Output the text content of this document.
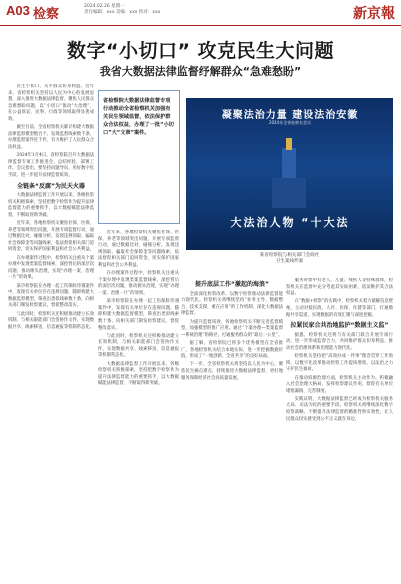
A03 检察
2024.02.26 星期一
责任编辑：xxx 美编：xxx 校对：xxx	新京報
数字“小切口” 攻克民生大问题
我省大数据法律监督纾解群众“急难愁盼”

民生小切口，关乎群众切身利益。近年来，省检察机关坚持以人民为中心的发展思想，深入推进大数据法律监督，聚焦人民群众急难愁盼问题，以“小切口”推动“大治理”，在公益诉讼、民事、行政等领域取得显著成效。

截至目前，全省检察机关累计构建大数据法律监督模型数百个，发现监督线索数千条，办理监督案件近千件，有力维护了人民群众合法权益。

2024年1月4日，省检察院召开大数据法律监督专项工作推进会，总结经验，部署工作。会议指出，要坚持问题导向，用好数字化手段，进一步提升法律监督质效。

全链条“反腐”为民天火器

大数据法律监督工作开展以来，各级检察机关积极探索，坚持把数字检察作为提升法律监督能力的重要抓手，以大数据赋能法律监督，不断取得新突破。

近年来，各地检察机关聚焦社保、医保、养老等领域突出问题，开展专项监督行动，通过数据比对、碰撞分析，发现违规领取、骗取社会保障金等问题线索，依法督促相关部门追回资金，切实保护国家利益和社会公共利益。

在办理案件过程中，检察机关注重从个案办理中发现类案监督线索，深挖背后的深层次问题，推动源头治理，实现“办理一案、治理一片”的效果。

某市检察院在办理一起工伤保险待遇案件中，发现有关单位存在违规问题，随即构建大数据监督模型，筛查出类似线索数十条，向相关部门制发检察建议，督促整改落实。

与此同时，检察机关还积极推动建立长效机制，与相关职能部门会签协作文件，实现数据共享、线索移送、信息通报等机制常态化。

近年来，各地检察机关聚焦社保、医保、养老等领域突出问题，开展专项监督行动，通过数据比对、碰撞分析，发现违规领取、骗取社会保障金等问题线索，依法督促相关部门追回资金，切实保护国家利益和社会公共利益。

在办理案件过程中，检察机关注重从个案办理中发现类案监督线索，深挖背后的深层次问题，推动源头治理，实现“办理一案、治理一片”的效果。

某市检察院在办理一起工伤保险待遇案件中，发现有关单位存在违规问题，随即构建大数据监督模型，筛查出类似线索数十条，向相关部门制发检察建议，督促整改落实。

与此同时，检察机关还积极推动建立长效机制，与相关职能部门会签协作文件，实现数据共享、线索移送、信息通报等机制常态化。

大数据法律监督工作开展以来，各级检察机关积极探索，坚持把数字检察作为提升法律监督能力的重要抓手，以大数据赋能法律监督，不断取得新突破。

省检察院大数据法律监督专项行动推动全省检察机关加强有关民生领域监督，依法保护群众合法权益，办理了一批“小切口”大“文章”案件。
凝聚法治力量 建设法治安徽
2024年全省检察长会议
大法治人物 “十大法
某省检察院与相关部门会商社
卫生案线件案
提升底层工作“激起的海浪”

全面深化检察改革，以数字检察推动法律监督能力现代化。检察机关将继续坚持“业务主导、数据整合、技术支撑、重在应用”的工作机制，深化大数据法律监督。

为提升监督质效，各地检察机关不断完善监督模型，加强模型的推广应用。通过“个案办理—类案监督—系统治理”的路径，打通服务群众的“最后一公里”。

据了解，省检察院已将多个优秀模型在全省推广，各地检察机关结合本地实际，进一步挖掘数据价值，形成了“一地创新、全省共享”的良好局面。

下一步，全省检察机关将坚持以人民为中心，聚焦民生痛点难点，持续推进大数据法律监督，更好地服务保障经济社会高质量发展。

服务对象中有老人、儿童、残疾人等特殊群体，检察机关在监督中充分考虑其实际困难，依法维护其合法权益。

在“数据+检察”的实践中，检察机关着力破解信息壁垒，主动对接民政、人社、医保、住建等部门，打通数据共享渠道，实现数据的有效汇聚与深度挖掘。

拉紧民家合共治地监护“数据主义监”

据悉，检察机关还将与有关部门联合开展专项行动，进一步形成监督合力，共同维护群众切身利益，推动社会治理体系和治理能力现代化。

检察机关坚持把“高效办成一件事”理念贯穿工作始终，以数字化改革推动检察工作提质增效，以法治之力守护民生福祉。

在推动诉源治理方面，检察机关主动作为，积极融入社会治理大格局，发挥检察建议作用，督促有关单位堵塞漏洞、完善制度。

实践证明，大数据法律监督已经成为检察机关服务大局、司法为民的重要手段。检察机关将继续深化数字检察战略，不断提升法律监督的精准性和实效性，让人民群众切实感受到公平正义就在身边。
